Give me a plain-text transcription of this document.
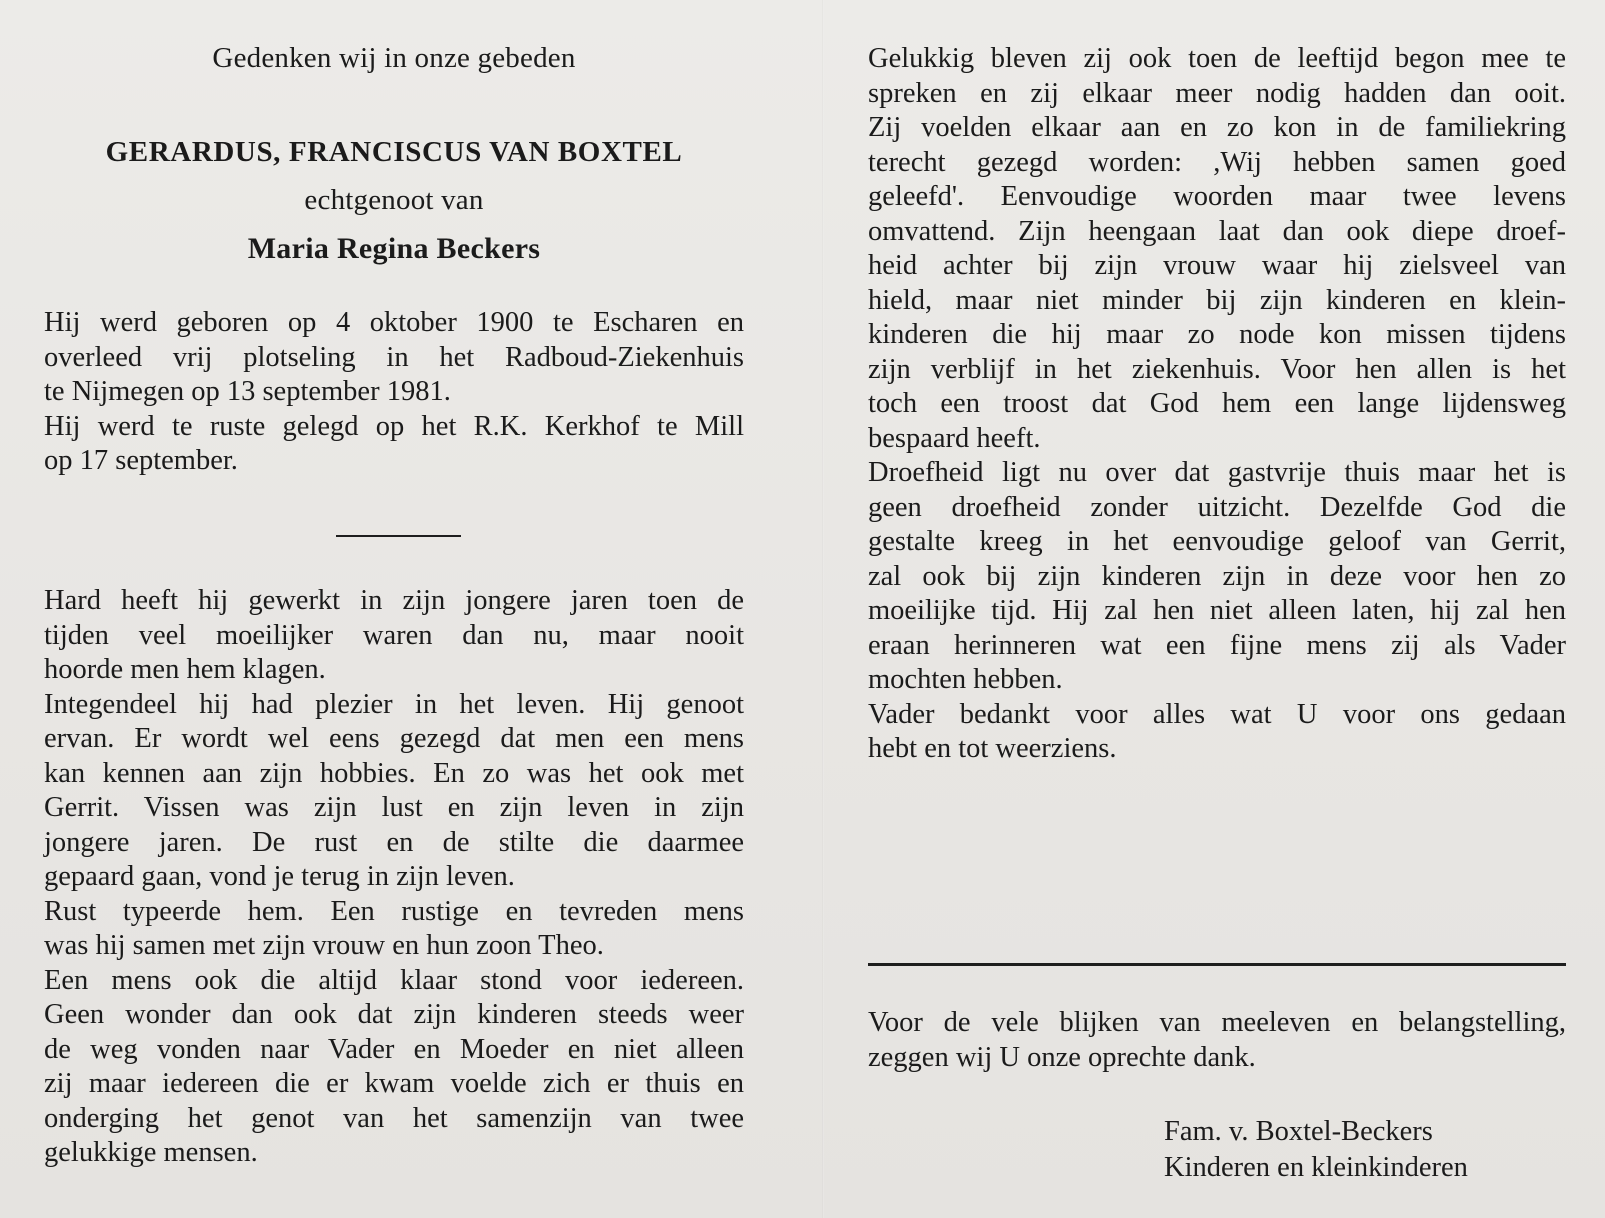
Gedenken wij in onze gebeden

GERARDUS, FRANCISCUS VAN BOXTEL

echtgenoot van

Maria Regina Beckers

Hij werd geboren op 4 oktober 1900 te Escharen en
overleed vrij plotseling in het Radboud-Ziekenhuis
te Nijmegen op 13 september 1981.
Hij werd te ruste gelegd op het R.K. Kerkhof te Mill
op 17 september.
Hard heeft hij gewerkt in zijn jongere jaren toen de
tijden veel moeilijker waren dan nu, maar nooit
hoorde men hem klagen.
Integendeel hij had plezier in het leven. Hij genoot
ervan. Er wordt wel eens gezegd dat men een mens
kan kennen aan zijn hobbies. En zo was het ook met
Gerrit. Vissen was zijn lust en zijn leven in zijn
jongere jaren. De rust en de stilte die daarmee
gepaard gaan, vond je terug in zijn leven.
Rust typeerde hem. Een rustige en tevreden mens
was hij samen met zijn vrouw en hun zoon Theo.
Een mens ook die altijd klaar stond voor iedereen.
Geen wonder dan ook dat zijn kinderen steeds weer
de weg vonden naar Vader en Moeder en niet alleen
zij maar iedereen die er kwam voelde zich er thuis en
onderging het genot van het samenzijn van twee
gelukkige mensen.
Gelukkig bleven zij ook toen de leeftijd begon mee te
spreken en zij elkaar meer nodig hadden dan ooit.
Zij voelden elkaar aan en zo kon in de familiekring
terecht gezegd worden: ,Wij hebben samen goed
geleefd'. Eenvoudige woorden maar twee levens
omvattend. Zijn heengaan laat dan ook diepe droef-
heid achter bij zijn vrouw waar hij zielsveel van
hield, maar niet minder bij zijn kinderen en klein-
kinderen die hij maar zo node kon missen tijdens
zijn verblijf in het ziekenhuis. Voor hen allen is het
toch een troost dat God hem een lange lijdensweg
bespaard heeft.
Droefheid ligt nu over dat gastvrije thuis maar het is
geen droefheid zonder uitzicht. Dezelfde God die
gestalte kreeg in het eenvoudige geloof van Gerrit,
zal ook bij zijn kinderen zijn in deze voor hen zo
moeilijke tijd. Hij zal hen niet alleen laten, hij zal hen
eraan herinneren wat een fijne mens zij als Vader
mochten hebben.
Vader bedankt voor alles wat U voor ons gedaan
hebt en tot weerziens.
Voor de vele blijken van meeleven en belangstelling,
zeggen wij U onze oprechte dank.
Fam. v. Boxtel-Beckers
Kinderen en kleinkinderen
